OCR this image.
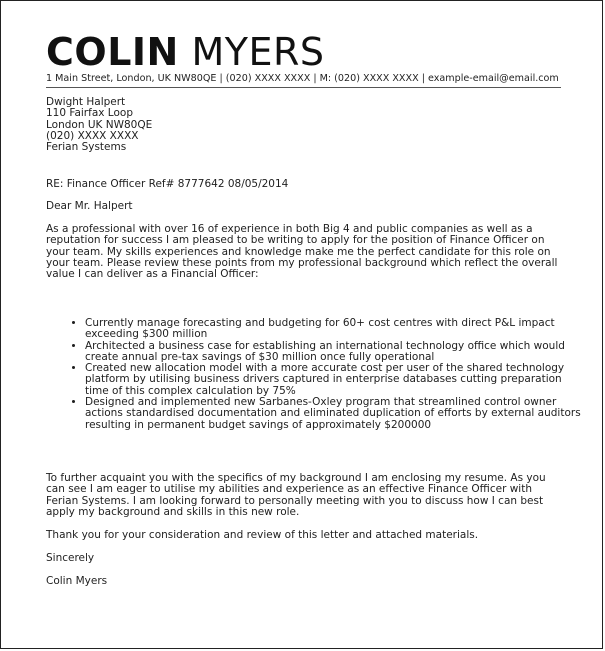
COLIN MYERS
1 Main Street, London, UK NW80QE | (020) XXXX XXXX | M: (020) XXXX XXXX | example-email@email.com
Dwight Halpert
110 Fairfax Loop
London UK NW80QE
(020) XXXX XXXX
Ferian Systems
RE: Finance Officer Ref# 8777642 08/05/2014
Dear Mr. Halpert
As a professional with over 16 of experience in both Big 4 and public companies as well as a reputation for success I am pleased to be writing to apply for the position of Finance Officer on your team. My skills experiences and knowledge make me the perfect candidate for this role on your team. Please review these points from my professional background which reflect the overall value I can deliver as a Financial Officer:
• Currently manage forecasting and budgeting for 60+ cost centres with direct P&L impact exceeding $300 million
• Architected a business case for establishing an international technology office which would create annual pre-tax savings of $30 million once fully operational
• Created new allocation model with a more accurate cost per user of the shared technology platform by utilising business drivers captured in enterprise databases cutting preparation time of this complex calculation by 75%
• Designed and implemented new Sarbanes-Oxley program that streamlined control owner actions standardised documentation and eliminated duplication of efforts by external auditors resulting in permanent budget savings of approximately $200000
To further acquaint you with the specifics of my background I am enclosing my resume. As you can see I am eager to utilise my abilities and experience as an effective Finance Officer with Ferian Systems. I am looking forward to personally meeting with you to discuss how I can best apply my background and skills in this new role.
Thank you for your consideration and review of this letter and attached materials.
Sincerely
Colin Myers
